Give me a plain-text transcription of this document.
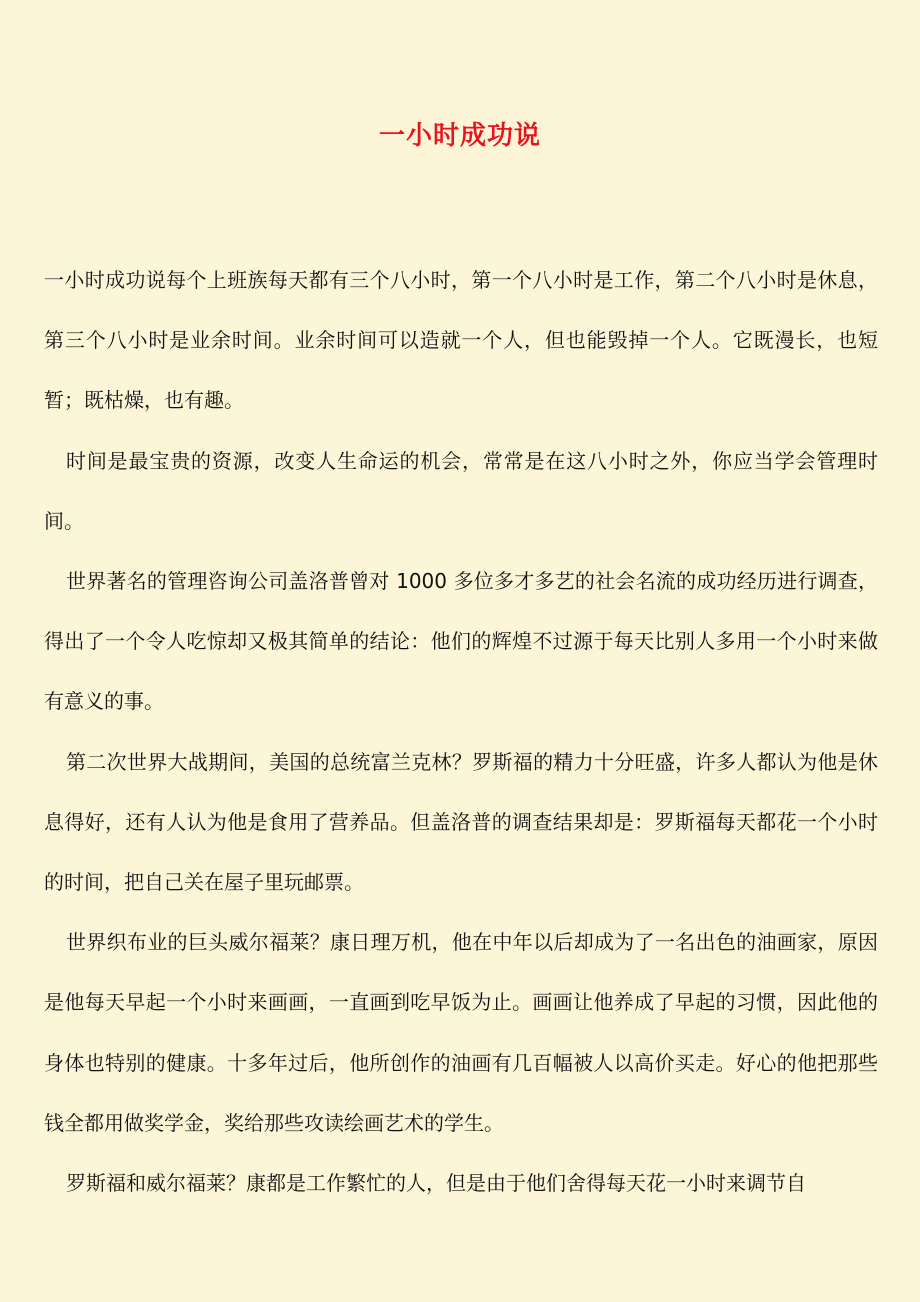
一小时成功说

一小时成功说每个上班族每天都有三个八小时，第一个八小时是工作，第二个八小时是休息，第三个八小时是业余时间。业余时间可以造就一个人，但也能毁掉一个人。它既漫长，也短暂；既枯燥，也有趣。

时间是最宝贵的资源，改变人生命运的机会，常常是在这八小时之外，你应当学会管理时间。

世界著名的管理咨询公司盖洛普曾对 1000 多位多才多艺的社会名流的成功经历进行调查，得出了一个令人吃惊却又极其简单的结论：他们的辉煌不过源于每天比别人多用一个小时来做有意义的事。

第二次世界大战期间，美国的总统富兰克林？罗斯福的精力十分旺盛，许多人都认为他是休息得好，还有人认为他是食用了营养品。但盖洛普的调查结果却是：罗斯福每天都花一个小时的时间，把自己关在屋子里玩邮票。

世界织布业的巨头威尔福莱？康日理万机，他在中年以后却成为了一名出色的油画家，原因是他每天早起一个小时来画画，一直画到吃早饭为止。画画让他养成了早起的习惯，因此他的身体也特别的健康。十多年过后，他所创作的油画有几百幅被人以高价买走。好心的他把那些钱全都用做奖学金，奖给那些攻读绘画艺术的学生。

罗斯福和威尔福莱？康都是工作繁忙的人，但是由于他们舍得每天花一小时来调节自
